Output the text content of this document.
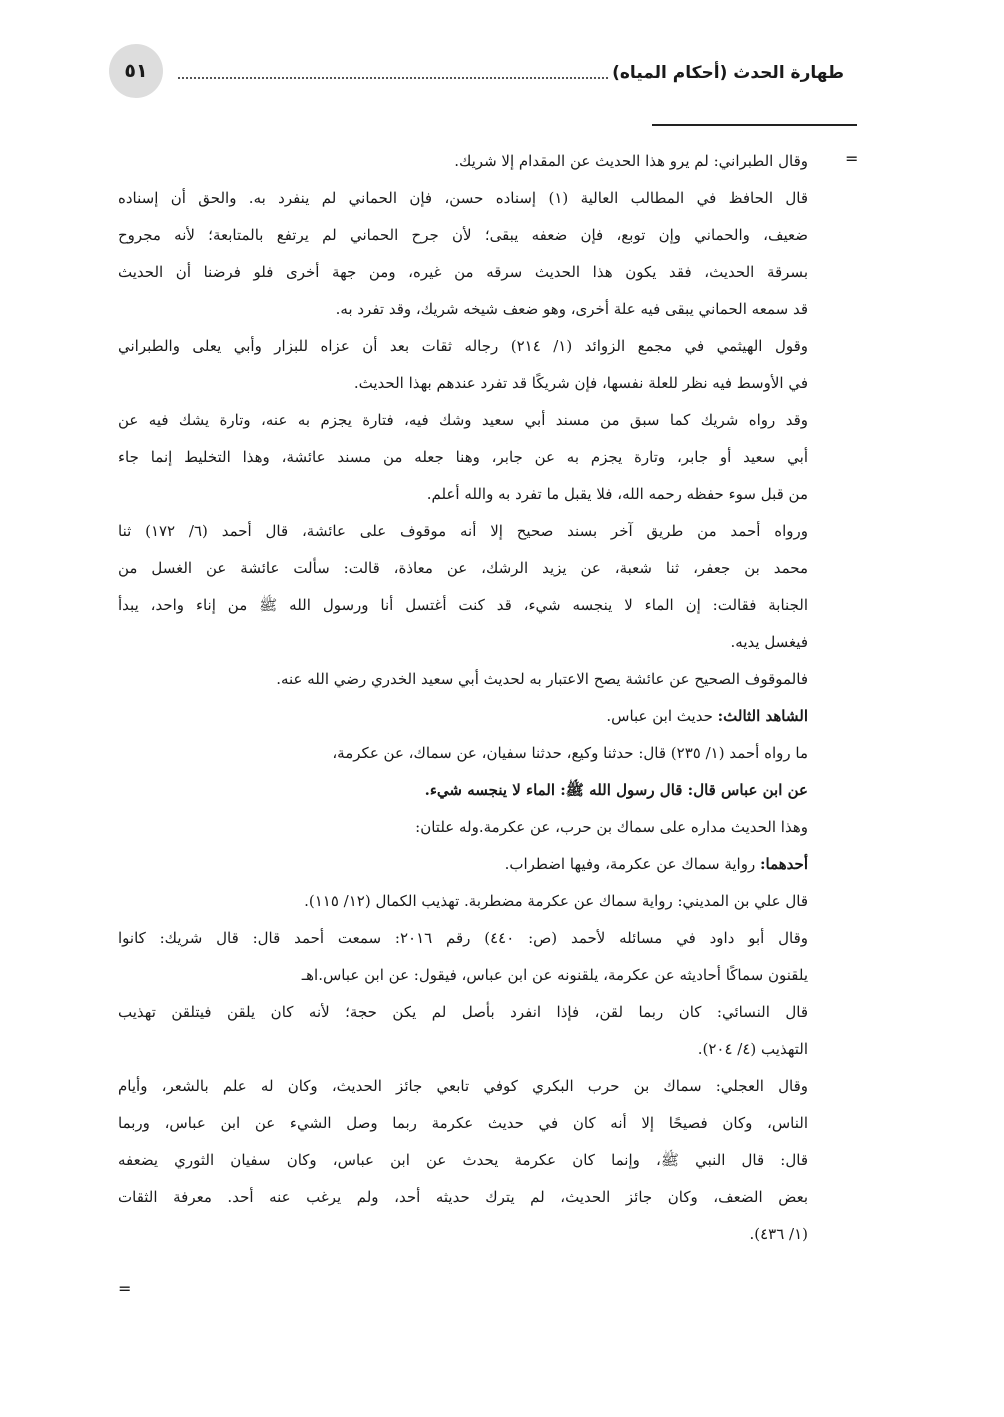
٥١	طهارة الحدث (أحكام المياه)
=
=
وقال الطبراني: لم يرو هذا الحديث عن المقدام إلا شريك.
قال الحافظ في المطالب العالية (١) إسناده حسن، فإن الحماني لم ينفرد به. والحق أن إسناده
ضعيف، والحماني وإن توبع، فإن ضعفه يبقى؛ لأن جرح الحماني لم يرتفع بالمتابعة؛ لأنه مجروح
بسرقة الحديث، فقد يكون هذا الحديث سرقه من غيره، ومن جهة أخرى فلو فرضنا أن الحديث
قد سمعه الحماني يبقى فيه علة أخرى، وهو ضعف شيخه شريك، وقد تفرد به.
وقول الهيثمي في مجمع الزوائد (١/ ٢١٤) رجاله ثقات بعد أن عزاه للبزار وأبي يعلى والطبراني
في الأوسط فيه نظر للعلة نفسها، فإن شريكًا قد تفرد عندهم بهذا الحديث.
وقد رواه شريك كما سبق من مسند أبي سعيد وشك فيه، فتارة يجزم به عنه، وتارة يشك فيه عن
أبي سعيد أو جابر، وتارة يجزم به عن جابر، وهنا جعله من مسند عائشة، وهذا التخليط إنما جاء
من قبل سوء حفظه رحمه الله، فلا يقبل ما تفرد به والله أعلم.
ورواه أحمد من طريق آخر بسند صحيح إلا أنه موقوف على عائشة، قال أحمد (٦/ ١٧٢) ثنا
محمد بن جعفر، ثنا شعبة، عن يزيد الرشك، عن معاذة، قالت: سألت عائشة عن الغسل من
الجنابة فقالت: إن الماء لا ينجسه شيء، قد كنت أغتسل أنا ورسول الله ﷺ من إناء واحد، يبدأ
فيغسل يديه.
فالموقوف الصحيح عن عائشة يصح الاعتبار به لحديث أبي سعيد الخدري رضي الله عنه.
الشاهد الثالث: حديث ابن عباس.
ما رواه أحمد (١/ ٢٣٥) قال: حدثنا وكيع، حدثنا سفيان، عن سماك، عن عكرمة،
عن ابن عباس قال: قال رسول الله ﷺ: الماء لا ينجسه شيء.
وهذا الحديث مداره على سماك بن حرب، عن عكرمة.وله علتان:
أحدهما: رواية سماك عن عكرمة، وفيها اضطراب.
قال علي بن المديني: رواية سماك عن عكرمة مضطربة. تهذيب الكمال (١٢/ ١١٥).
وقال أبو داود في مسائله لأحمد (ص: ٤٤٠) رقم ٢٠١٦: سمعت أحمد قال: قال شريك: كانوا
يلقنون سماكًا أحاديثه عن عكرمة، يلقنونه عن ابن عباس، فيقول: عن ابن عباس.اهـ
قال النسائي: كان ربما لقن، فإذا انفرد بأصل لم يكن حجة؛ لأنه كان يلقن فيتلقن تهذيب
التهذيب (٤/ ٢٠٤).
وقال العجلي: سماك بن حرب البكري كوفي تابعي جائز الحديث، وكان له علم بالشعر، وأيام
الناس، وكان فصيحًا إلا أنه كان في حديث عكرمة ربما وصل الشيء عن ابن عباس، وربما
قال: قال النبي ﷺ، وإنما كان عكرمة يحدث عن ابن عباس، وكان سفيان الثوري يضعفه
بعض الضعف، وكان جائز الحديث، لم يترك حديثه أحد، ولم يرغب عنه أحد. معرفة الثقات
(١/ ٤٣٦).
